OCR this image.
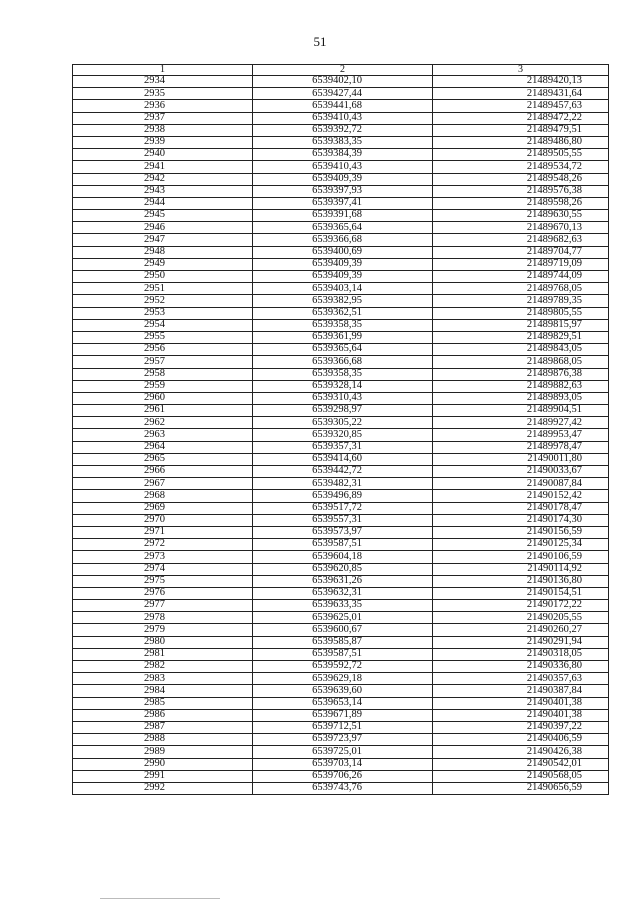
51
1	2	3
2934	6539402,10	21489420,13
2935	6539427,44	21489431,64
2936	6539441,68	21489457,63
2937	6539410,43	21489472,22
2938	6539392,72	21489479,51
2939	6539383,35	21489486,80
2940	6539384,39	21489505,55
2941	6539410,43	21489534,72
2942	6539409,39	21489548,26
2943	6539397,93	21489576,38
2944	6539397,41	21489598,26
2945	6539391,68	21489630,55
2946	6539365,64	21489670,13
2947	6539366,68	21489682,63
2948	6539400,69	21489704,77
2949	6539409,39	21489719,09
2950	6539409,39	21489744,09
2951	6539403,14	21489768,05
2952	6539382,95	21489789,35
2953	6539362,51	21489805,55
2954	6539358,35	21489815,97
2955	6539361,99	21489829,51
2956	6539365,64	21489843,05
2957	6539366,68	21489868,05
2958	6539358,35	21489876,38
2959	6539328,14	21489882,63
2960	6539310,43	21489893,05
2961	6539298,97	21489904,51
2962	6539305,22	21489927,42
2963	6539320,85	21489953,47
2964	6539357,31	21489978,47
2965	6539414,60	21490011,80
2966	6539442,72	21490033,67
2967	6539482,31	21490087,84
2968	6539496,89	21490152,42
2969	6539517,72	21490178,47
2970	6539557,31	21490174,30
2971	6539573,97	21490156,59
2972	6539587,51	21490125,34
2973	6539604,18	21490106,59
2974	6539620,85	21490114,92
2975	6539631,26	21490136,80
2976	6539632,31	21490154,51
2977	6539633,35	21490172,22
2978	6539625,01	21490205,55
2979	6539600,67	21490260,27
2980	6539585,87	21490291,94
2981	6539587,51	21490318,05
2982	6539592,72	21490336,80
2983	6539629,18	21490357,63
2984	6539639,60	21490387,84
2985	6539653,14	21490401,38
2986	6539671,89	21490401,38
2987	6539712,51	21490397,22
2988	6539723,97	21490406,59
2989	6539725,01	21490426,38
2990	6539703,14	21490542,01
2991	6539706,26	21490568,05
2992	6539743,76	21490656,59
